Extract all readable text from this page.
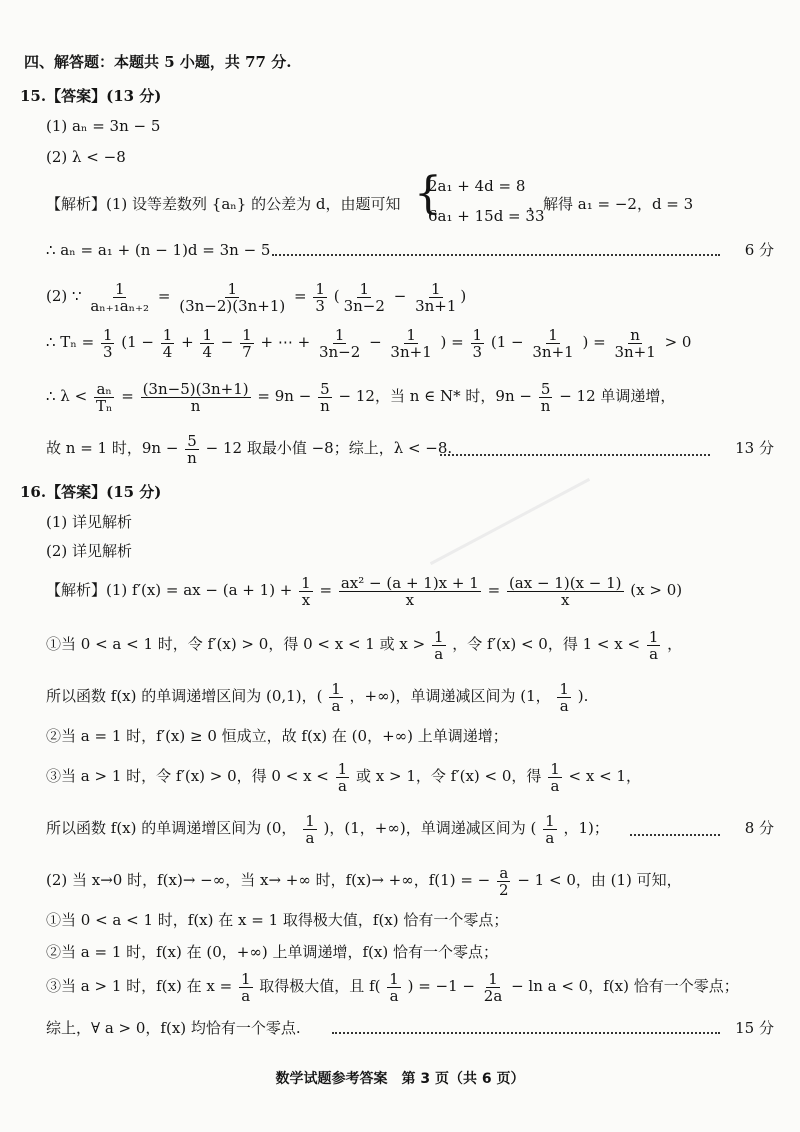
四、解答题：本题共 5 小题，共 77 分.
15.【答案】(13 分)
(1) aₙ = 3n − 5
(2) λ < −8
【解析】(1) 设等差数列 {aₙ} 的公差为 d，由题可知 {
2a₁ + 4d = 8
6a₁ + 15d = 33
，解得 a₁ = −2，d = 3
∴ aₙ = a₁ + (n − 1)d = 3n − 5	6 分
(2) ∵ $\frac{1}{\text{aₙ₊₁aₙ₊₂}} = \frac{1}{(3n-2)(3n+1)} = \frac{1}{3}$ ( $\frac{1}{3n-2} - \frac{1}{3n+1}$ )
∴ $T_n = \frac{1}{3} (1 - \frac{1}{4} + \frac{1}{4} - \frac{1}{7}$ + ⋯ + $\frac{1}{3n-2} - \frac{1}{3n+1}$ ) = $\frac{1}{3} (1 - \frac{1}{3n+1}$ ) = $\frac{n}{3n+1} > 0$
∴ $\lambda < \frac{\text{aₙ}}{\text{Tₙ}} = \frac{(3n-5)(3n+1)}{n} = 9n - \frac{5}{n} - 12$，当 n ∈ N* 时，$9n - \frac{5}{n} - 12$ 单调递增，
故 n = 1 时，$9n - \frac{5}{n} - 12$ 取最小值 −8；综上，λ < −8.	13 分
16.【答案】(15 分)
(1) 详见解析
(2) 详见解析
【解析】(1) f′(x) = ax − $(a + 1) + \frac{1}{x} = \frac{\text{ax² − (a + 1)x + 1}}{x} = \frac{(ax - 1)(x - 1)}{x} (x > 0)$
①当 0 < a < 1 时，令 f′(x) > 0，得 0 < x < 1 或 $x > \frac{1}{a}$ ，令 f′(x) < 0，得 $1 < x < \frac{1}{a}$ ，
所以函数 f(x) 的单调递增区间为 (0,1)，( $\frac{1}{a}$ ，+∞)，单调递减区间为 (1， $\frac{1}{a}$ ).
②当 a = 1 时，f′(x) ≥ 0 恒成立，故 f(x) 在 (0，+∞) 上单调递增；
③当 a > 1 时，令 f′(x) > 0，得 $0 < x < \frac{1}{a}$ 或 x > 1，令 f′(x) < 0，得 $\frac{1}{a} < x < 1$，
所以函数 f(x) 的单调递增区间为 (0， $\frac{1}{a}$ )，(1，+∞)，单调递减区间为 ( $\frac{1}{a}$ ，1)；	8 分
(2) 当 x→0 时，f(x)→ −∞，当 x→ +∞ 时，f(x)→ +∞，f(1) = − $\frac{a}{2} - 1 < 0$，由 (1) 可知，
①当 0 < a < 1 时，f(x) 在 x = 1 取得极大值，f(x) 恰有一个零点；
②当 a = 1 时，f(x) 在 (0，+∞) 上单调递增，f(x) 恰有一个零点；
③当 a > 1 时，f(x) 在 $x = \frac{1}{a}$ 取得极大值，且 $f( \frac{1}{a}$ ) = $-1 - \frac{1}{2a} - \ln a < 0$，f(x) 恰有一个零点；
综上，∀ a > 0，f(x) 均恰有一个零点.	15 分
数学试题参考答案　第 3 页（共 6 页）
